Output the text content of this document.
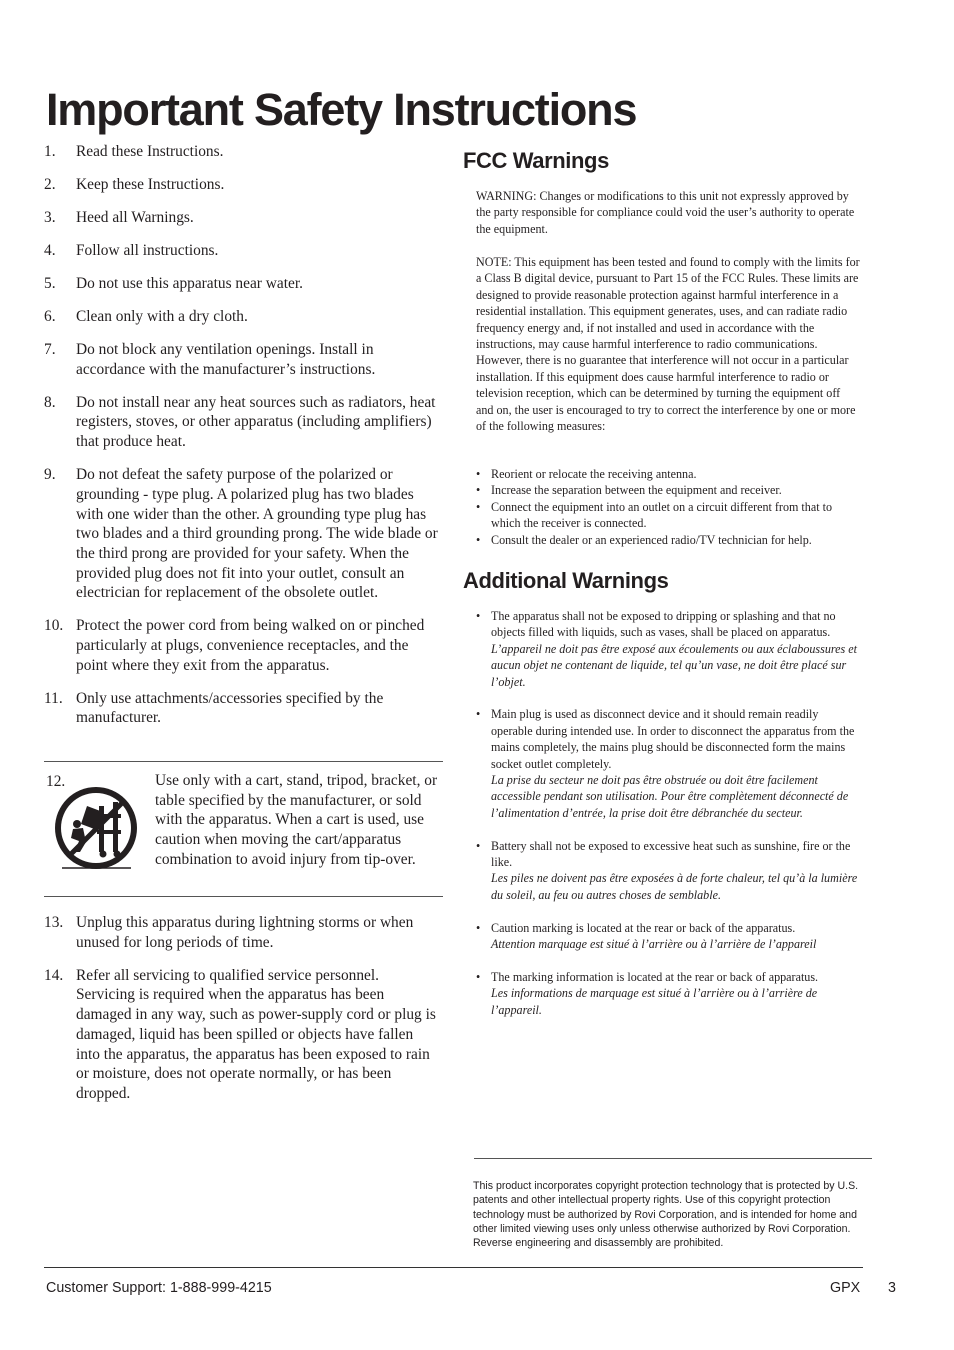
Important Safety Instructions
1.	Read these Instructions.
2.	Keep these Instructions.
3.	Heed all Warnings.
4.	Follow all instructions.
5.	Do not use this apparatus near water.
6.	Clean only with a dry cloth.
7.	Do not block any ventilation openings. Install in accordance with the manufacturer’s instructions.
8.	Do not install near any heat sources such as radiators, heat registers, stoves, or other apparatus (including amplifiers) that produce heat.
9.	Do not defeat the safety purpose of the polarized or grounding - type plug. A polarized plug has two blades with one wider than the other. A grounding type plug has two blades and a third grounding prong. The wide blade or the third prong are provided for your safety. When the provided plug does not fit into your outlet, consult an electrician for replacement of the obsolete outlet.
10. Protect the power cord from being walked on or pinched particularly at plugs, convenience receptacles, and the point where they exit from the apparatus.
11. Only use attachments/accessories specified by the manufacturer.
12.	Use only with a cart, stand, tripod, bracket, or table specified by the manufacturer, or sold with the apparatus. When a cart is used, use caution when moving the cart/apparatus combination to avoid injury from tip-over.
13. Unplug this apparatus during lightning storms or when unused for long periods of time.
14. Refer all servicing to qualified service personnel. Servicing is required when the apparatus has been damaged in any way, such as power-supply cord or plug is damaged, liquid has been spilled or objects have fallen into the apparatus, the apparatus has been exposed to rain or moisture, does not operate normally, or has been dropped.
FCC Warnings
WARNING: Changes or modifications to this unit not expressly approved by the party responsible for compliance could void the user’s authority to operate the equipment.
NOTE: This equipment has been tested and found to comply with the limits for a Class B digital device, pursuant to Part 15 of the FCC Rules. These limits are designed to provide reasonable protection against harmful interference in a residential installation. This equipment generates, uses, and can radiate radio frequency energy and, if not installed and used in accordance with the instructions, may cause harmful interference to radio communications. However, there is no guarantee that interference will not occur in a particular installation. If this equipment does cause harmful interference to radio or television reception, which can be determined by turning the equipment off and on, the user is encouraged to try to correct the interference by one or more of the following measures:
• Reorient or relocate the receiving antenna.
• Increase the separation between the equipment and receiver.
• Connect the equipment into an outlet on a circuit different from that to which the receiver is connected.
• Consult the dealer or an experienced radio/TV technician for help.
Additional Warnings
• The apparatus shall not be exposed to dripping or splashing and that no objects filled with liquids, such as vases, shall be placed on apparatus.
L’appareil ne doit pas être exposé aux écoulements ou aux éclaboussures et aucun objet ne contenant de liquide, tel qu’un vase, ne doit être placé sur l’objet.
• Main plug is used as disconnect device and it should remain readily operable during intended use. In order to disconnect the apparatus from the mains completely, the mains plug should be disconnected form the mains socket outlet completely.
La prise du secteur ne doit pas être obstruée ou doit être facilement accessible pendant son utilisation. Pour être complètement déconnecté de l’alimentation d’entrée, la prise doit être débranchée du secteur.
• Battery shall not be exposed to excessive heat such as sunshine, fire or the like.
Les piles ne doivent pas être exposées à de forte chaleur, tel qu’à la lumière du soleil, au feu ou autres choses de semblable.
• Caution marking is located at the rear or back of the apparatus.
Attention marquage est situé à l’arrière ou à l’arrière de l’appareil
• The marking information is located at the rear or back of apparatus.
Les informations de marquage est situé à l’arrière ou à l’arrière de l’appareil.
This product incorporates copyright protection technology that is protected by U.S. patents and other intellectual property rights. Use of this copyright protection technology must be authorized by Rovi Corporation, and is intended for home and other limited viewing uses only unless otherwise authorized by Rovi Corporation. Reverse engineering and disassembly are prohibited.
Customer Support: 1-888-999-4215	GPX 3
